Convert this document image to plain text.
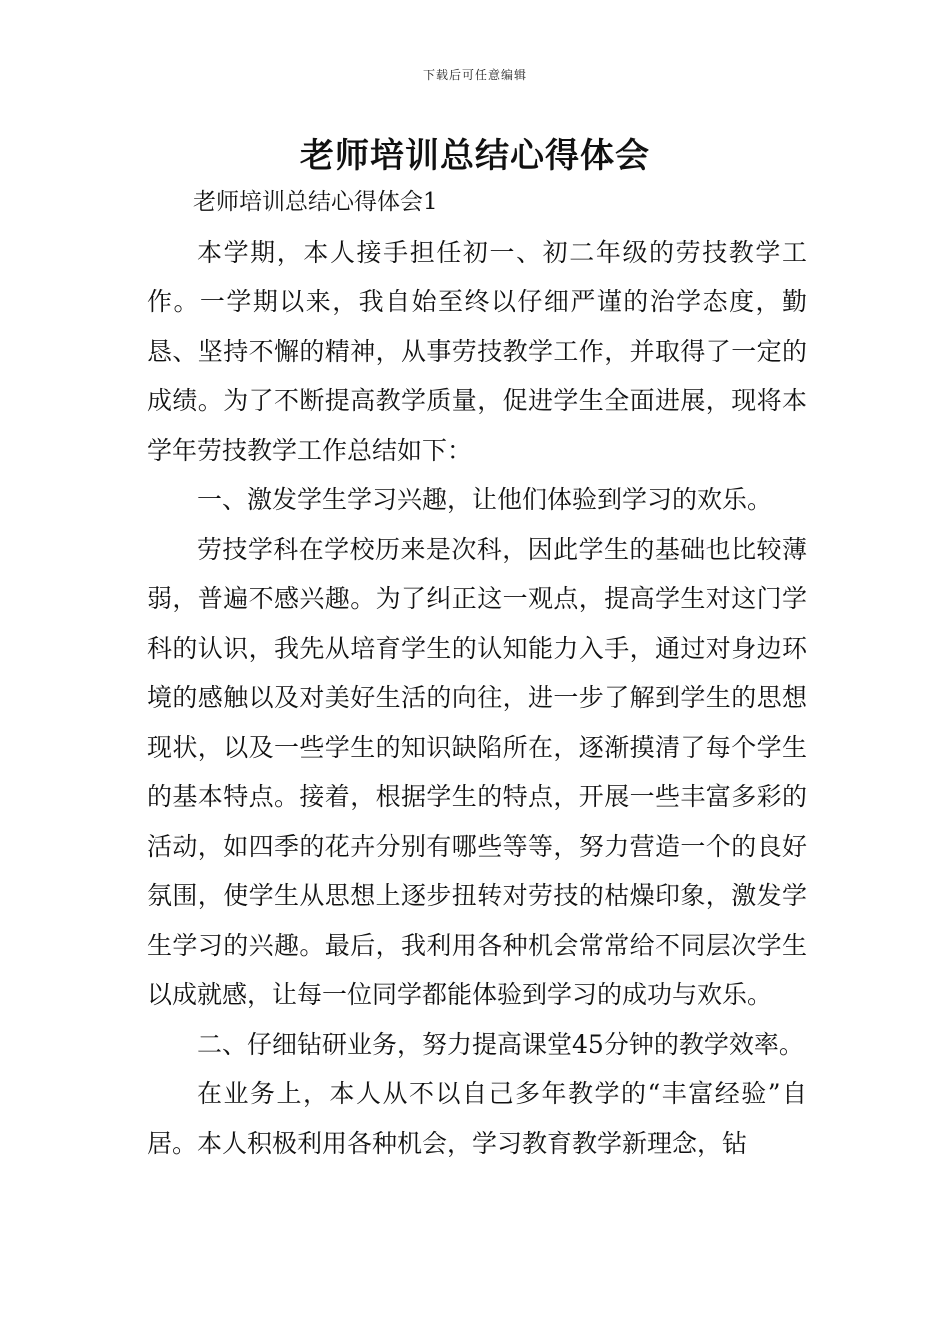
下载后可任意编辑
老师培训总结心得体会

老师培训总结心得体会1

本学期，本人接手担任初一、初二年级的劳技教学工作。一学期以来，我自始至终以仔细严谨的治学态度，勤恳、坚持不懈的精神，从事劳技教学工作，并取得了一定的成绩。为了不断提高教学质量，促进学生全面进展，现将本学年劳技教学工作总结如下：

一、激发学生学习兴趣，让他们体验到学习的欢乐。

劳技学科在学校历来是次科，因此学生的基础也比较薄弱，普遍不感兴趣。为了纠正这一观点，提高学生对这门学科的认识，我先从培育学生的认知能力入手，通过对身边环境的感触以及对美好生活的向往，进一步了解到学生的思想现状，以及一些学生的知识缺陷所在，逐渐摸清了每个学生的基本特点。接着，根据学生的特点，开展一些丰富多彩的活动，如四季的花卉分别有哪些等等，努力营造一个的良好氛围，使学生从思想上逐步扭转对劳技的枯燥印象，激发学生学习的兴趣。最后，我利用各种机会常常给不同层次学生以成就感，让每一位同学都能体验到学习的成功与欢乐。

二、仔细钻研业务，努力提高课堂45分钟的教学效率。

在业务上，本人从不以自己多年教学的“丰富经验”自居。本人积极利用各种机会，学习教育教学新理念，钻
